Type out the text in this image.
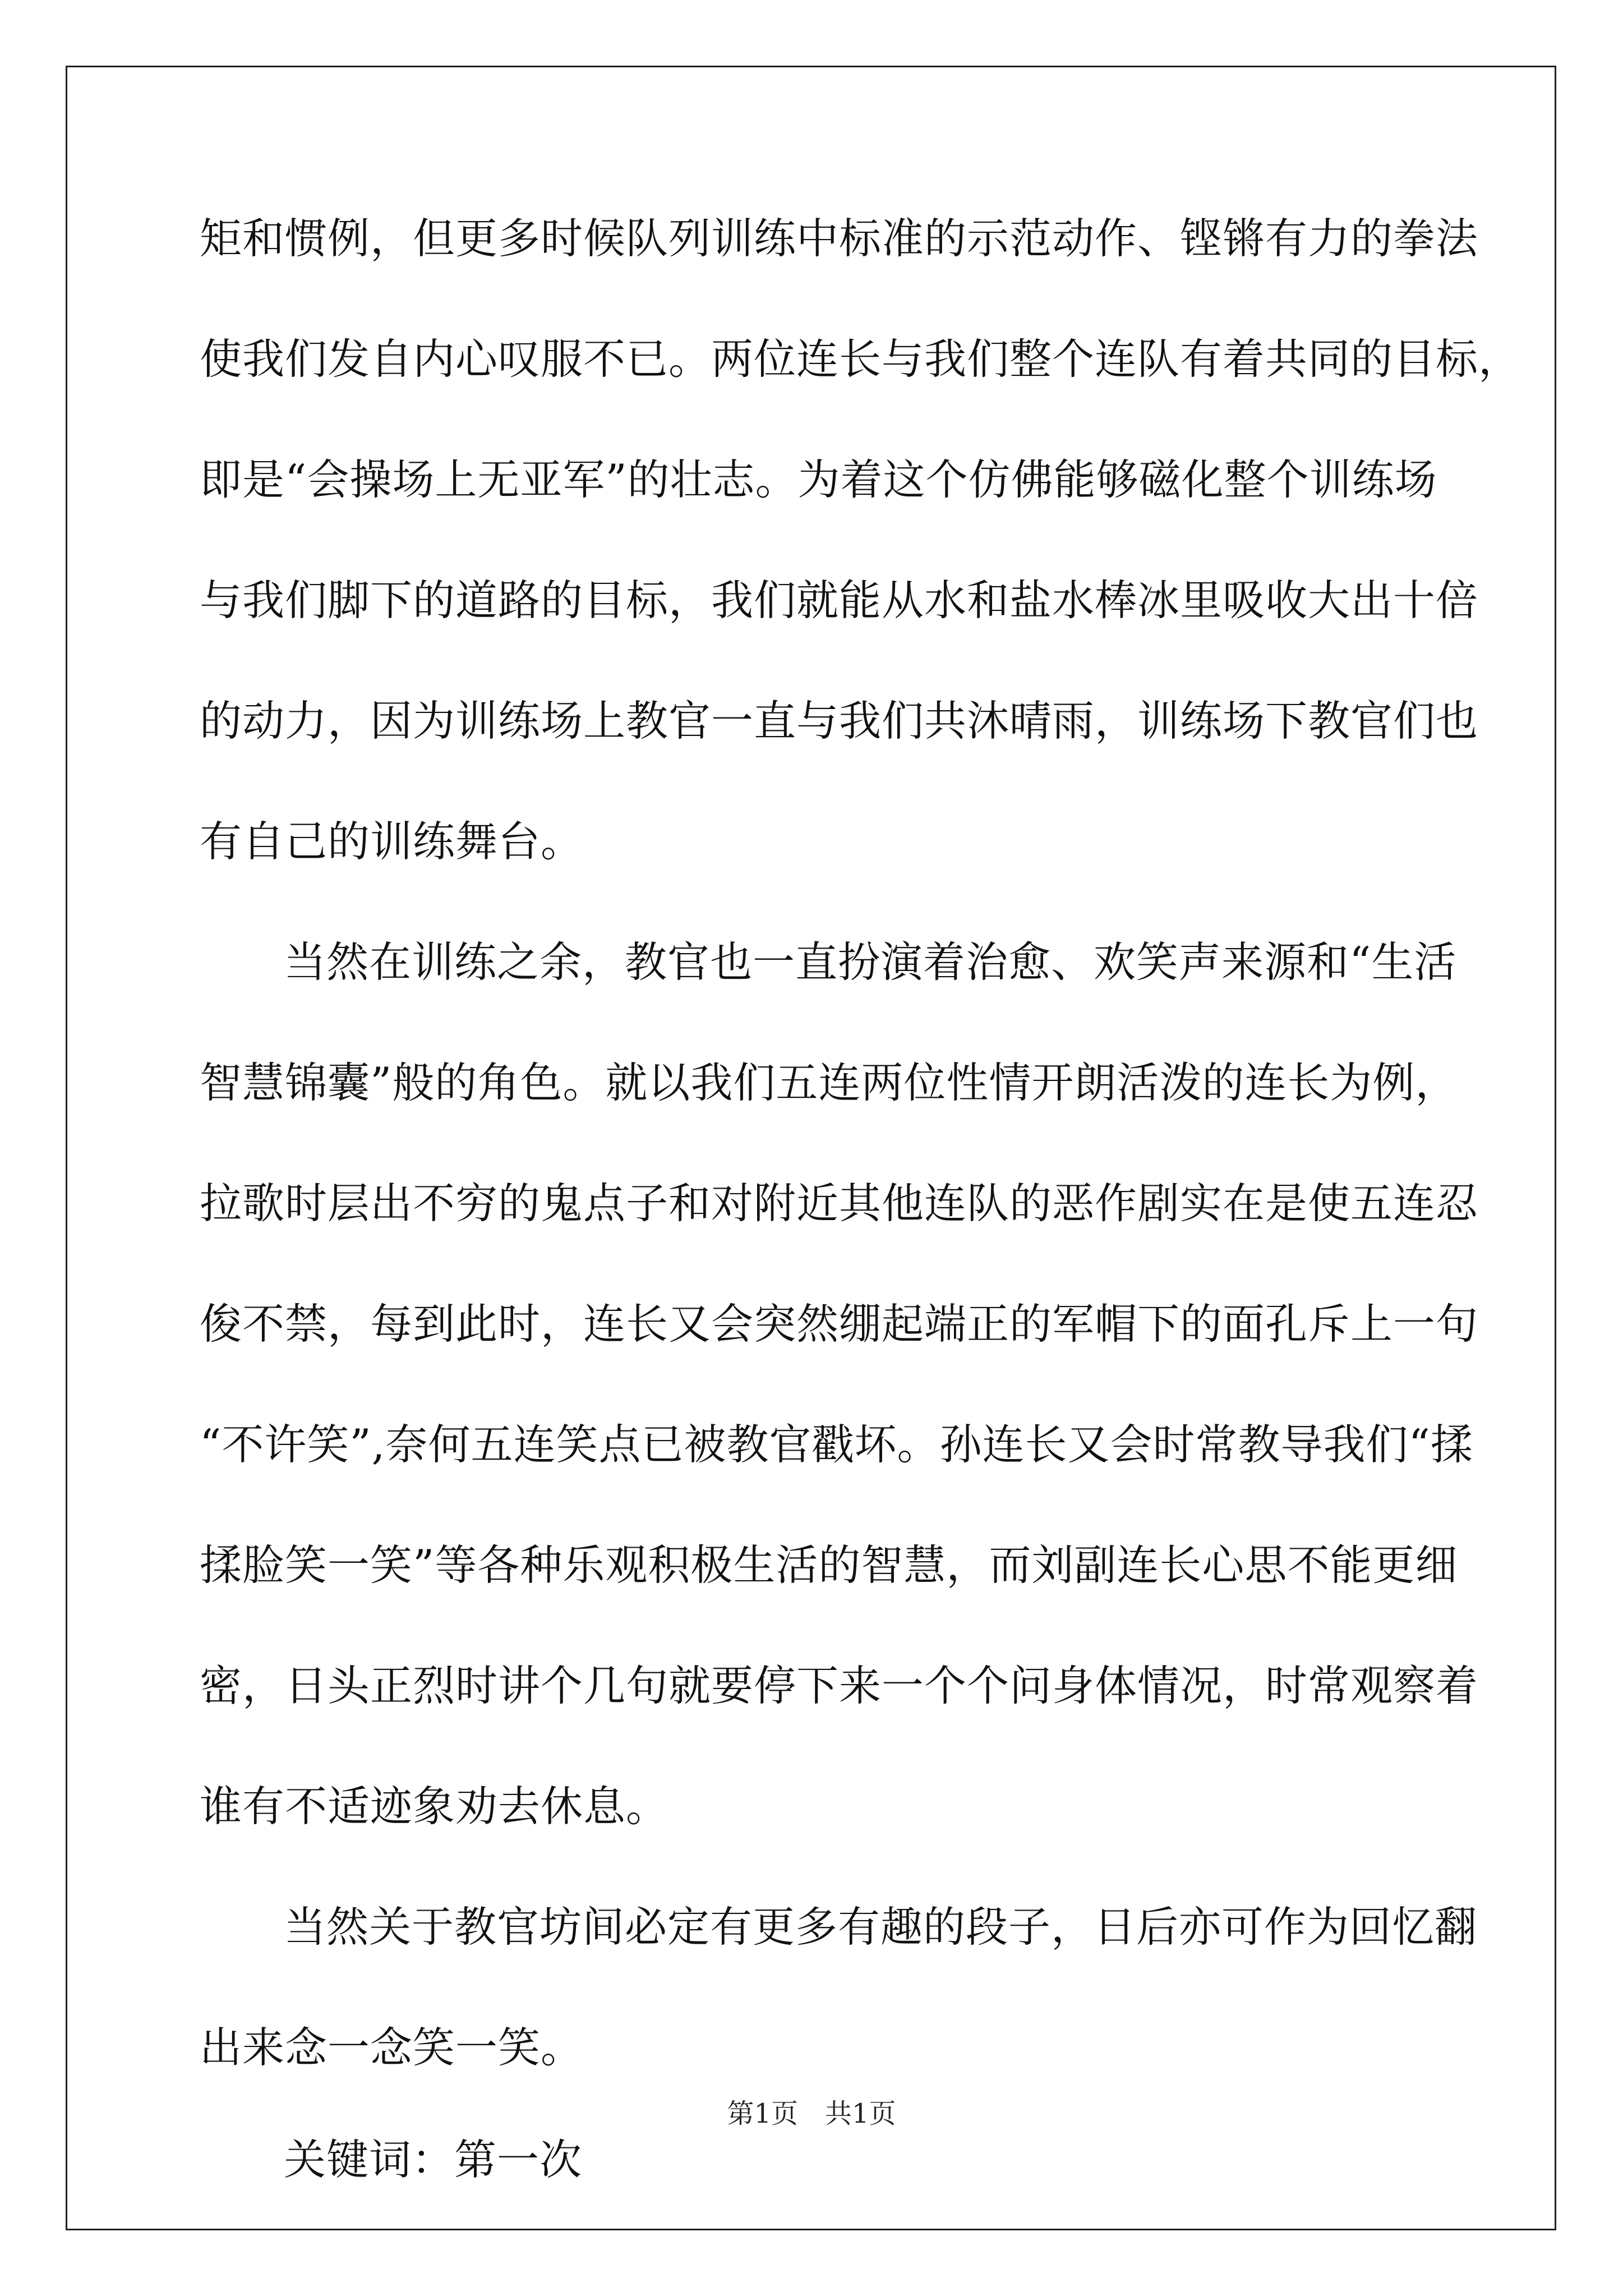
矩和惯例，但更多时候队列训练中标准的示范动作、铿锵有力的拳法
使我们发自内心叹服不已。两位连长与我们整个连队有着共同的目标，
即是“会操场上无亚军”的壮志。为着这个仿佛能够磁化整个训练场
与我们脚下的道路的目标，我们就能从水和盐水棒冰里吸收大出十倍
的动力，因为训练场上教官一直与我们共沐晴雨，训练场下教官们也
有自己的训练舞台。
当然在训练之余，教官也一直扮演着治愈、欢笑声来源和“生活
智慧锦囊”般的角色。就以我们五连两位性情开朗活泼的连长为例，
拉歌时层出不穷的鬼点子和对附近其他连队的恶作剧实在是使五连忍
俊不禁，每到此时，连长又会突然绷起端正的军帽下的面孔斥上一句
“不许笑”,奈何五连笑点已被教官戳坏。孙连长又会时常教导我们“揉
揉脸笑一笑”等各种乐观积极生活的智慧，而刘副连长心思不能更细
密，日头正烈时讲个几句就要停下来一个个问身体情况，时常观察着
谁有不适迹象劝去休息。
当然关于教官坊间必定有更多有趣的段子，日后亦可作为回忆翻
出来念一念笑一笑。
关键词：第一次
第1页　共1页
